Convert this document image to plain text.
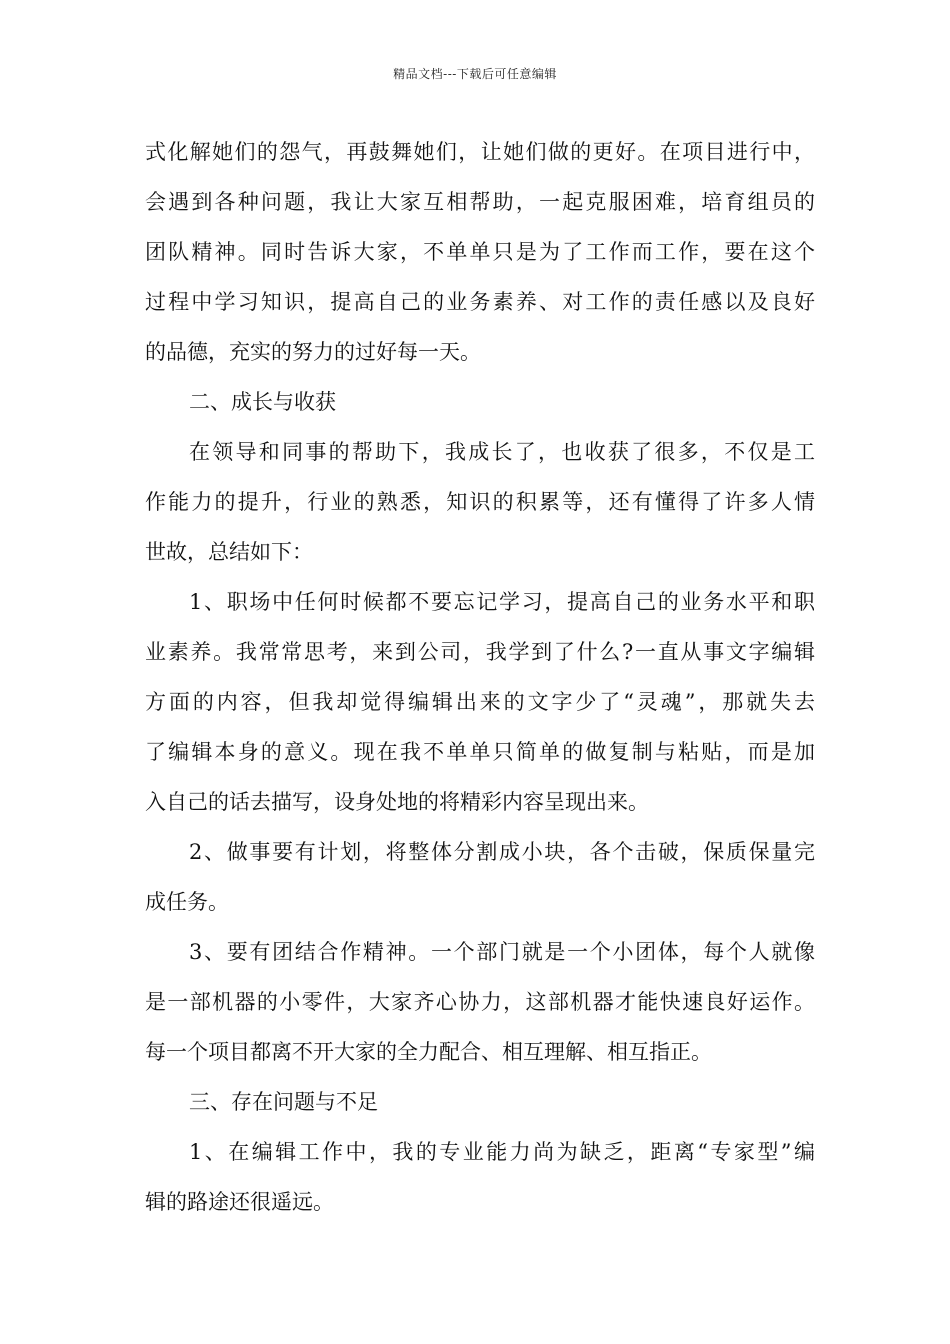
精品文档---下载后可任意编辑
式化解她们的怨气，再鼓舞她们，让她们做的更好。在项目进行中，
会遇到各种问题，我让大家互相帮助，一起克服困难，培育组员的
团队精神。同时告诉大家，不单单只是为了工作而工作，要在这个
过程中学习知识，提高自己的业务素养、对工作的责任感以及良好
的品德，充实的努力的过好每一天。
二、成长与收获
在领导和同事的帮助下，我成长了，也收获了很多，不仅是工
作能力的提升，行业的熟悉，知识的积累等，还有懂得了许多人情
世故，总结如下：
1、职场中任何时候都不要忘记学习，提高自己的业务水平和职
业素养。我常常思考，来到公司，我学到了什么?一直从事文字编辑
方面的内容，但我却觉得编辑出来的文字少了“灵魂”，那就失去
了编辑本身的意义。现在我不单单只简单的做复制与粘贴，而是加
入自己的话去描写，设身处地的将精彩内容呈现出来。
2、做事要有计划，将整体分割成小块，各个击破，保质保量完
成任务。
3、要有团结合作精神。一个部门就是一个小团体，每个人就像
是一部机器的小零件，大家齐心协力，这部机器才能快速良好运作。
每一个项目都离不开大家的全力配合、相互理解、相互指正。
三、存在问题与不足
1、在编辑工作中，我的专业能力尚为缺乏，距离“专家型”编
辑的路途还很遥远。
